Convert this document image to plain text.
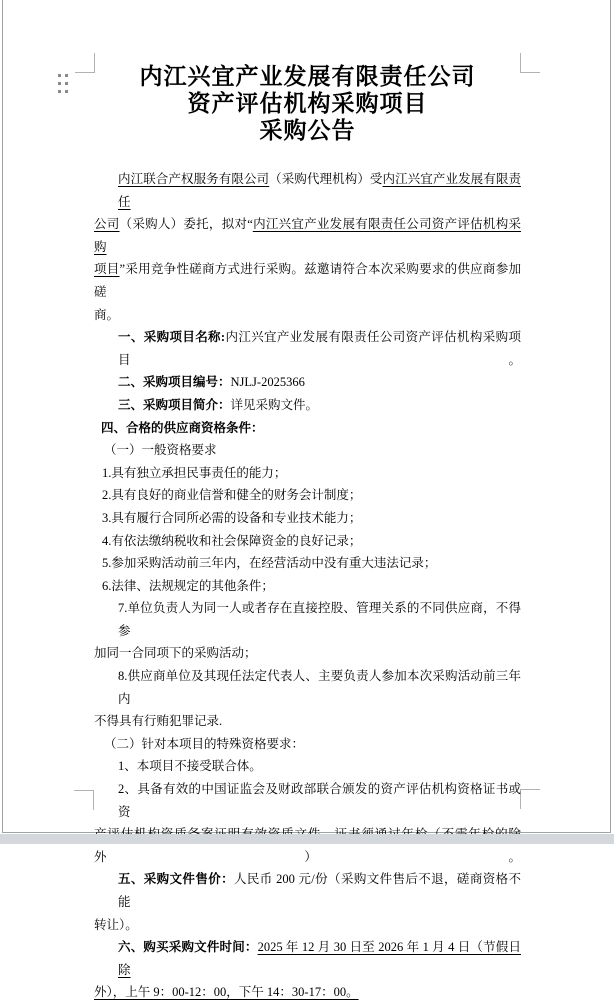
内江兴宜产业发展有限责任公司
资产评估机构采购项目
采购公告
内江联合产权服务有限公司（采购代理机构）受内江兴宜产业发展有限责任
公司（采购人）委托，拟对“内江兴宜产业发展有限责任公司资产评估机构采购
项目”采用竞争性磋商方式进行采购。兹邀请符合本次采购要求的供应商参加磋
商。
一、采购项目名称:内江兴宜产业发展有限责任公司资产评估机构采购项目。
二、采购项目编号：NJLJ-2025366
三、采购项目简介：详见采购文件。
四、合格的供应商资格条件：
（一）一般资格要求
1.具有独立承担民事责任的能力；
2.具有良好的商业信誉和健全的财务会计制度；
3.具有履行合同所必需的设备和专业技术能力；
4.有依法缴纳税收和社会保障资金的良好记录；
5.参加采购活动前三年内，在经营活动中没有重大违法记录；
6.法律、法规规定的其他条件；
7.单位负责人为同一人或者存在直接控股、管理关系的不同供应商，不得参
加同一合同项下的采购活动；
8.供应商单位及其现任法定代表人、主要负责人参加本次采购活动前三年内
不得具有行贿犯罪记录.
（二）针对本项目的特殊资格要求：
1、本项目不接受联合体。
2、具备有效的中国证监会及财政部联合颁发的资产评估机构资格证书或资
外）。
五、采购文件售价：人民币 200 元/份（采购文件售后不退，磋商资格不能
转让）。
六、购买采购文件时间：2025 年 12 月 30 日至 2026 年 1 月 4 日（节假日除
外），上午 9：00-12：00，下午 14：30-17：00。
